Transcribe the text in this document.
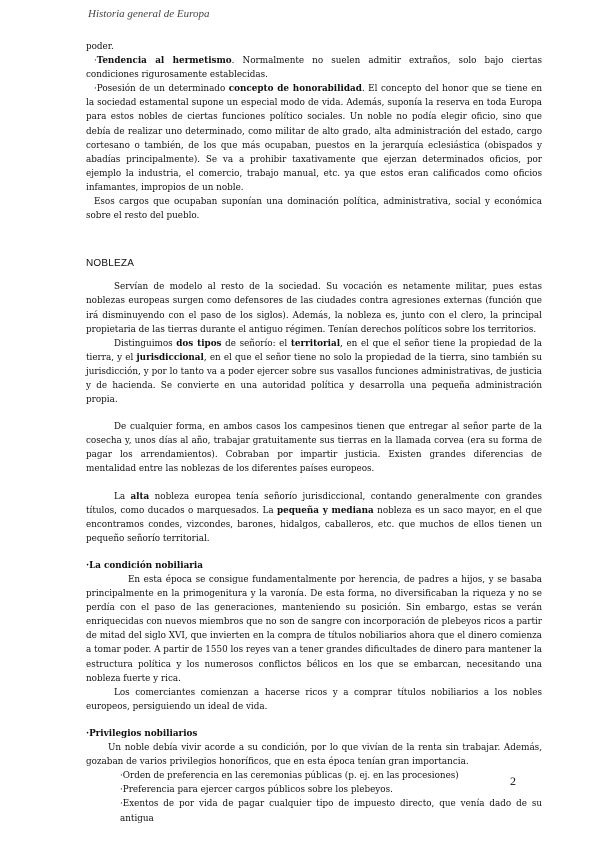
Historia general de Europa

poder.

·Tendencia al hermetismo. Normalmente no suelen admitir extraños, solo bajo ciertas condiciones rigurosamente establecidas.

·Posesión de un determinado concepto de honorabilidad. El concepto del honor que se tiene en la sociedad estamental supone un especial modo de vida. Además, suponía la reserva en toda Europa para estos nobles de ciertas funciones político sociales. Un noble no podía elegir oficio, sino que debía de realizar uno determinado, como militar de alto grado, alta administración del estado, cargo cortesano o también, de los que más ocupaban, puestos en la jerarquía eclesiástica (obispados y abadías principalmente). Se va a prohibir taxativamente que ejerzan determinados oficios, por ejemplo la industria, el comercio, trabajo manual, etc. ya que estos eran calificados como oficios infamantes, impropios de un noble.

Esos cargos que ocupaban suponían una dominación política, administrativa, social y económica sobre el resto del pueblo.

NOBLEZA

Servían de modelo al resto de la sociedad. Su vocación es netamente militar, pues estas noblezas europeas surgen como defensores de las ciudades contra agresiones externas (función que irá disminuyendo con el paso de los siglos). Además, la nobleza es, junto con el clero, la principal propietaria de las tierras durante el antiguo régimen. Tenían derechos políticos sobre los territorios.

Distinguimos dos tipos de señorío: el territorial, en el que el señor tiene la propiedad de la tierra, y el jurisdiccional, en el que el señor tiene no solo la propiedad de la tierra, sino también su jurisdicción, y por lo tanto va a poder ejercer sobre sus vasallos funciones administrativas, de justicia y de hacienda. Se convierte en una autoridad política y desarrolla una pequeña administración propia.

De cualquier forma, en ambos casos los campesinos tienen que entregar al señor parte de la cosecha y, unos días al año, trabajar gratuitamente sus tierras en la llamada corvea (era su forma de pagar los arrendamientos). Cobraban por impartir justicia. Existen grandes diferencias de mentalidad entre las noblezas de los diferentes países europeos.

La alta nobleza europea tenía señorío jurisdiccional, contando generalmente con grandes títulos, como ducados o marquesados. La pequeña y mediana nobleza es un saco mayor, en el que encontramos condes, vizcondes, barones, hidalgos, caballeros, etc. que muchos de ellos tienen un pequeño señorío territorial.

·La condición nobiliaria

En esta época se consigue fundamentalmente por herencia, de padres a hijos, y se basaba principalmente en la primogenitura y la varonía. De esta forma, no diversificaban la riqueza y no se perdía con el paso de las generaciones, manteniendo su posición. Sin embargo, estas se verán enriquecidas con nuevos miembros que no son de sangre con incorporación de plebeyos ricos a partir de mitad del siglo XVI, que invierten en la compra de títulos nobiliarios ahora que el dinero comienza a tomar poder. A partir de 1550 los reyes van a tener grandes dificultades de dinero para mantener la estructura política y los numerosos conflictos bélicos en los que se embarcan, necesitando una nobleza fuerte y rica.

Los comerciantes comienzan a hacerse ricos y a comprar títulos nobiliarios a los nobles europeos, persiguiendo un ideal de vida.

·Privilegios nobiliarios

Un noble debía vivir acorde a su condición, por lo que vivían de la renta sin trabajar. Además, gozaban de varios privilegios honoríficos, que en esta época tenían gran importancia.

·Orden de preferencia en las ceremonias públicas (p. ej. en las procesiones)
·Preferencia para ejercer cargos públicos sobre los plebeyos.
·Exentos de por vida de pagar cualquier tipo de impuesto directo, que venía dado de su antigua
2
